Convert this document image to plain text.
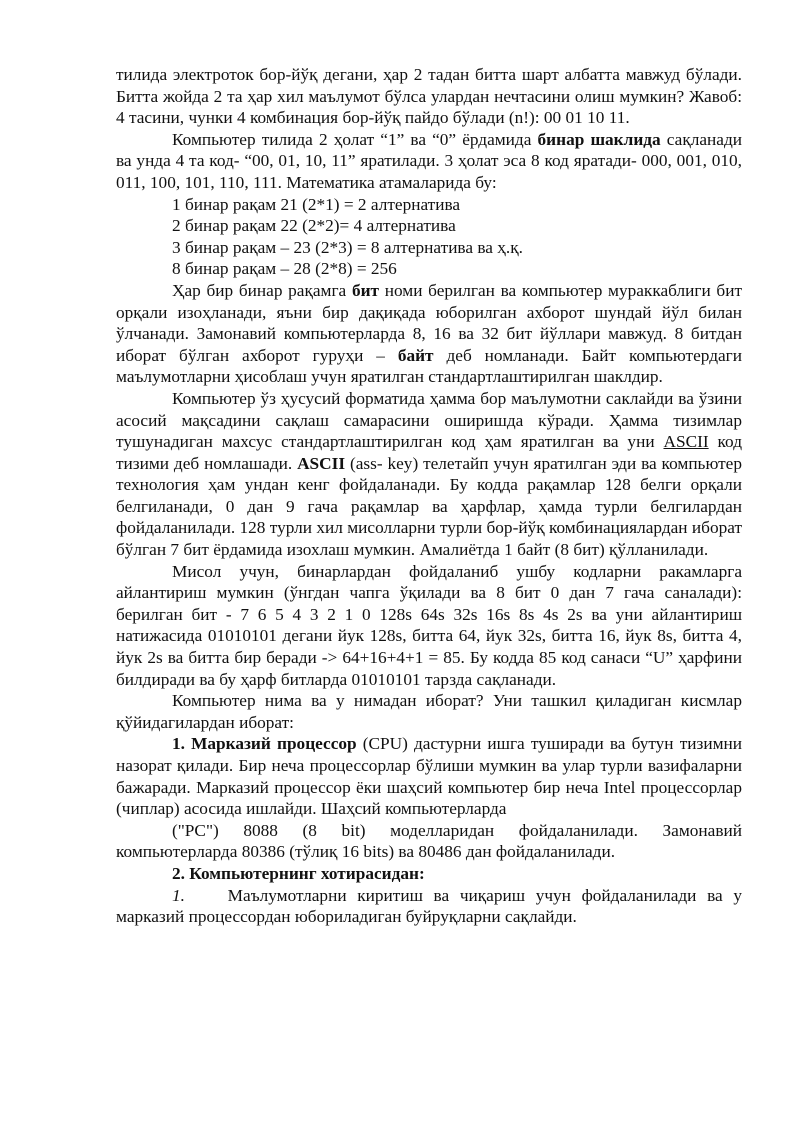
тилида электроток бор-йўқ дегани, ҳар 2 тадан битта шарт албатта мавжуд бўлади. Битта жойда 2 та ҳар хил маълумот бўлса улардан нечтасини олиш мумкин? Жавоб: 4 тасини, чунки 4 комбинация бор-йўқ пайдо бўлади (n!): 00 01 10 11.

Компьютер тилида 2 ҳолат “1” ва “0” ёрдамида бинар шаклида сақланади ва унда 4 та код- “00, 01, 10, 11” яратилади. 3 ҳолат эса 8 код яратади- 000, 001, 010, 011, 100, 101, 110, 111. Математика атамаларида бу:

1 бинар рақам 21 (2*1) = 2 алтернатива

2 бинар рақам 22 (2*2)= 4 алтернатива

3 бинар рақам – 23 (2*3) = 8 алтернатива ва ҳ.қ.

8 бинар рақам – 28 (2*8) = 256

Ҳар бир бинар рақамга бит номи берилган ва компьютер мураккаблиги бит орқали изоҳланади, яъни бир дақиқада юборилган ахборот шундай йўл билан ўлчанади. Замонавий компьютерларда 8, 16 ва 32 бит йўллари мавжуд. 8 битдан иборат бўлган ахборот гуруҳи – байт деб номланади. Байт компьютердаги маълумотларни ҳисоблаш учун яратилган стандартлаштирилган шаклдир.

Компьютер ўз ҳусусий форматида ҳамма бор маълумотни саклайди ва ўзини асосий мақсадини сақлаш самарасини оширишда кўради. Ҳамма тизимлар тушунадиган махсус стандартлаштирилган код ҳам яратилган ва уни ASCII код тизими деб номлашади. ASCII (ass- key) телетайп учун яратилган эди ва компьютер технология ҳам ундан кенг фойдаланади. Бу кодда рақамлар 128 белги орқали белгиланади, 0 дан 9 гача рақамлар ва ҳарфлар, ҳамда турли белгилардан фойдаланилади. 128 турли хил мисолларни турли бор-йўқ комбинациялардан иборат бўлган 7 бит ёрдамида изохлаш мумкин. Амалиётда 1 байт (8 бит) қўлланилади.

Мисол учун, бинарлардан фойдаланиб ушбу кодларни ракамларга айлантириш мумкин (ўнгдан чапга ўқилади ва 8 бит 0 дан 7 гача саналади): берилган бит - 7 6 5 4 3 2 1 0 128s 64s 32s 16s 8s 4s 2s ва уни айлантириш натижасида 01010101 дегани йук 128s, битта 64, йук 32s, битта 16, йук 8s, битта 4, йук 2s ва битта бир беради -> 64+16+4+1 = 85. Бу кодда 85 код санаси “U” ҳарфини билдиради ва бу ҳарф битларда 01010101 тарзда сақланади.

Компьютер нима ва у нимадан иборат? Уни ташкил қиладиган кисмлар қўйидагилардан иборат:

1. Марказий процессор (CPU) дастурни ишга туширади ва бутун тизимни назорат қилади. Бир неча процессорлар бўлиши мумкин ва улар турли вазифаларни бажаради. Марказий процессор ёки шаҳсий компьютер бир неча Intel процессорлар (чиплар) асосида ишлайди. Шаҳсий компьютерларда

("PC") 8088 (8 bit) моделларидан фойдаланилади. Замонавий компьютерларда 80386 (тўлиқ 16 bits) ва 80486 дан фойдаланилади.

2. Компьютернинг хотирасидан:

1.    Маълумотларни киритиш ва чиқариш учун фойдаланилади ва у марказий процессордан юбориладиган буйруқларни сақлайди.
